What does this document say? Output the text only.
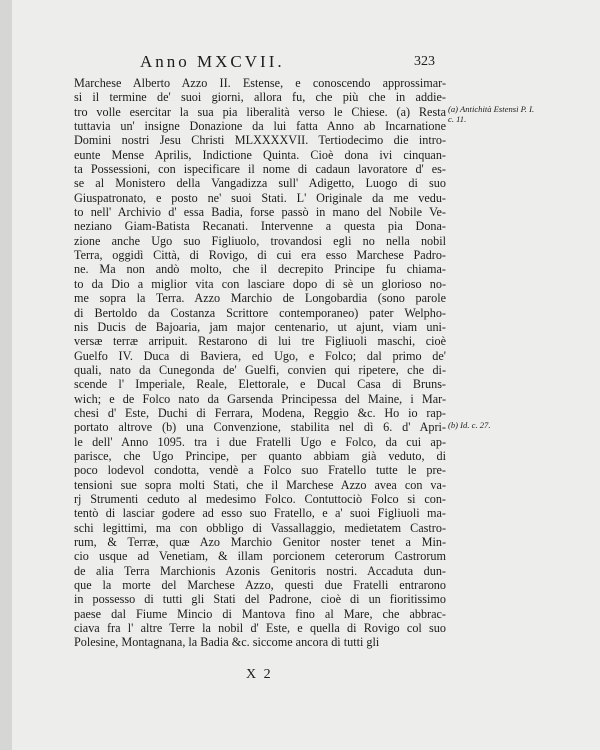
Anno MXCVII.	323
Marchese Alberto Azzo II. Estense, e conoscendo approssimar-
si il termine de' suoi giorni, allora fu, che più che in addie-
tro volle esercitar la sua pia liberalità verso le Chiese. (a) Resta
tuttavia un' insigne Donazione da lui fatta Anno ab Incarnatione
Domini nostri Jesu Christi MLXXXXVII. Tertiodecimo die intro-
eunte Mense Aprilis, Indictione Quinta. Cioè dona ivi cinquan-
ta Possessioni, con ispecificare il nome di cadaun lavoratore d' es-
se al Monistero della Vangadizza sull' Adigetto, Luogo di suo
Giuspatronato, e posto ne' suoi Stati. L' Originale da me vedu-
to nell' Archivio d' essa Badia, forse passò in mano del Nobile Ve-
neziano Giam-Batista Recanati. Intervenne a questa pia Dona-
zione anche Ugo suo Figliuolo, trovandosi egli no nella nobil
Terra, oggidì Città, di Rovigo, di cui era esso Marchese Padro-
ne. Ma non andò molto, che il decrepito Principe fu chiama-
to da Dio a miglior vita con lasciare dopo di sè un glorioso no-
me sopra la Terra. Azzo Marchio de Longobardia (sono parole
di Bertoldo da Costanza Scrittore contemporaneo) pater Welpho-
nis Ducis de Bajoaria, jam major centenario, ut ajunt, viam uni-
versæ terræ arripuit. Restarono di lui tre Figliuoli maschi, cioè
Guelfo IV. Duca di Baviera, ed Ugo, e Folco; dal primo de'
quali, nato da Cunegonda de' Guelfi, convien qui ripetere, che di-
scende l' Imperiale, Reale, Elettorale, e Ducal Casa di Bruns-
wich; e de Folco nato da Garsenda Principessa del Maine, i Mar-
chesi d' Este, Duchi di Ferrara, Modena, Reggio &c. Ho io rap-
portato altrove (b) una Convenzione, stabilita nel dì 6. d' Apri-
le dell' Anno 1095. tra i due Fratelli Ugo e Folco, da cui ap-
parisce, che Ugo Principe, per quanto abbiam già veduto, di
poco lodevol condotta, vendè a Folco suo Fratello tutte le pre-
tensioni sue sopra molti Stati, che il Marchese Azzo avea con va-
rj Strumenti ceduto al medesimo Folco. Contuttociò Folco si con-
tentò di lasciar godere ad esso suo Fratello, e a' suoi Figliuoli ma-
schi legittimi, ma con obbligo di Vassallaggio, medietatem Castro-
rum, & Terræ, quæ Azo Marchio Genitor noster tenet a Min-
cio usque ad Venetiam, & illam porcionem ceterorum Castrorum
de alia Terra Marchionis Azonis Genitoris nostri. Accaduta dun-
que la morte del Marchese Azzo, questi due Fratelli entrarono
in possesso di tutti gli Stati del Padrone, cioè di un fioritissimo
paese dal Fiume Mincio di Mantova fino al Mare, che abbrac-
ciava fra l' altre Terre la nobil d' Este, e quella di Rovigo col suo
Polesine, Montagnana, la Badia &c. siccome ancora di tutti gli
(a) Antichità Estensi P. I. c. 11.
(b) Id. c. 27.
X 2
